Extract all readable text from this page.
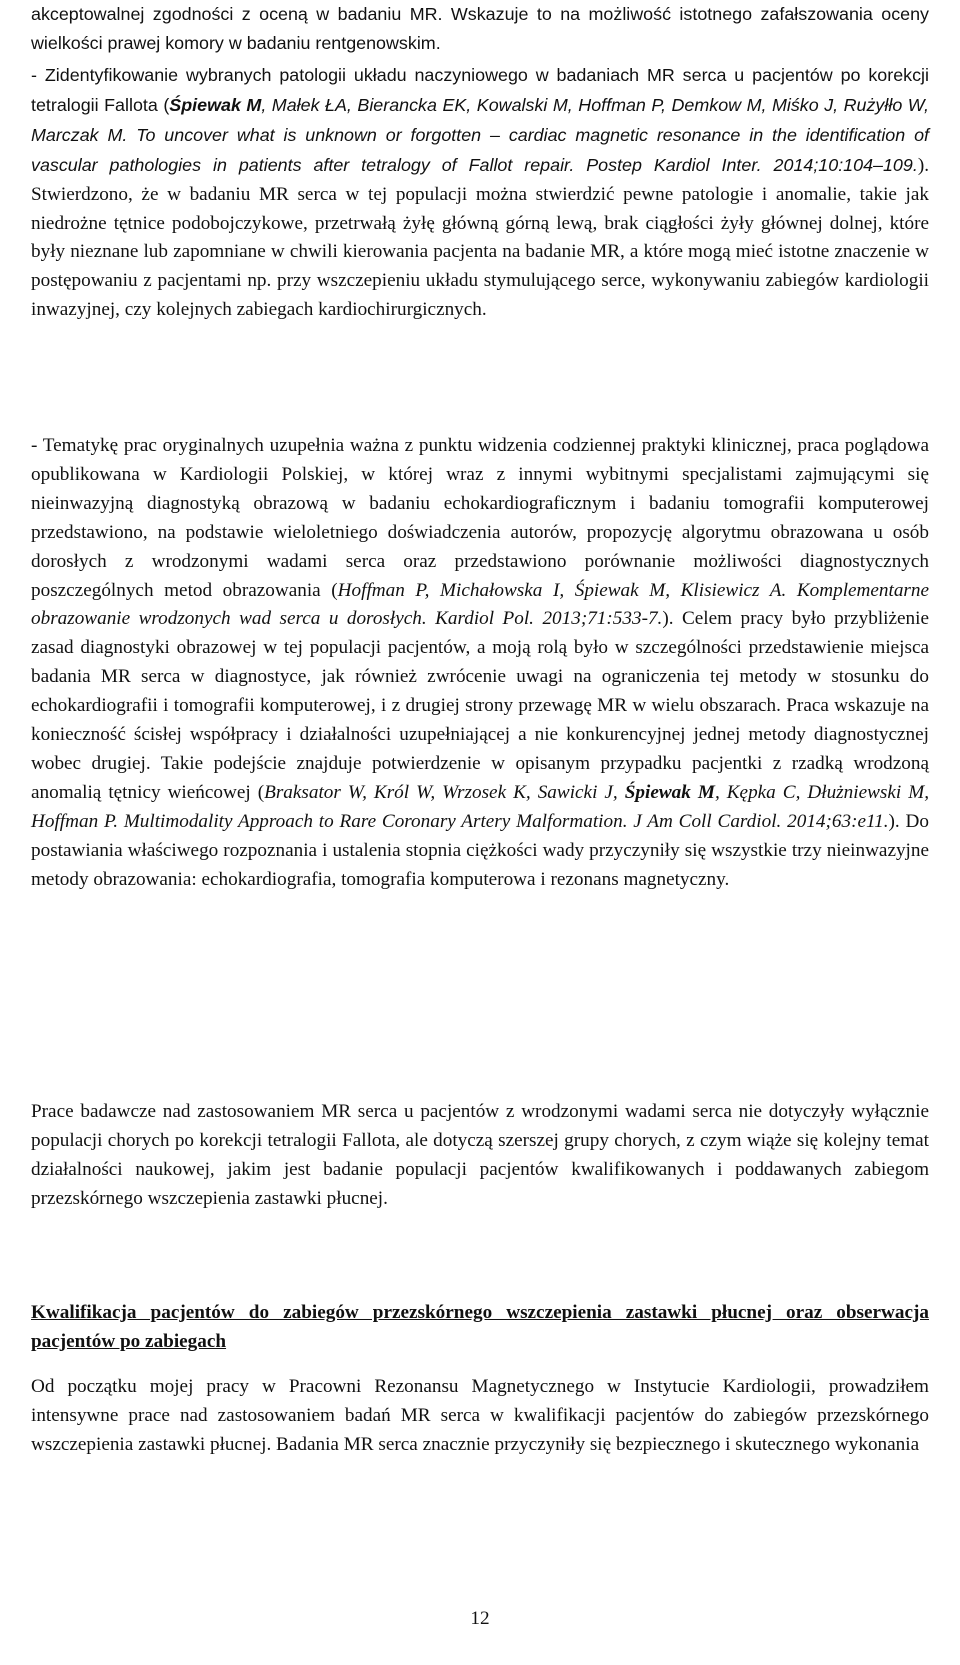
akceptowalnej zgodności z oceną w badaniu MR. Wskazuje to na możliwość istotnego zafałszowania oceny wielkości prawej komory w badaniu rentgenowskim.

- Zidentyfikowanie wybranych patologii układu naczyniowego w badaniach MR serca u pacjentów po korekcji tetralogii Fallota (Śpiewak M, Małek ŁA, Bierancka EK, Kowalski M, Hoffman P, Demkow M, Miśko J, Rużyłło W, Marczak M. To uncover what is unknown or forgotten – cardiac magnetic resonance in the identification of vascular pathologies in patients after tetralogy of Fallot repair. Postep Kardiol Inter. 2014;10:104–109.). Stwierdzono, że w badaniu MR serca w tej populacji można stwierdzić pewne patologie i anomalie, takie jak niedrożne tętnice podobojczykowe, przetrwałą żyłę główną górną lewą, brak ciągłości żyły głównej dolnej, które były nieznane lub zapomniane w chwili kierowania pacjenta na badanie MR, a które mogą mieć istotne znaczenie w postępowaniu z pacjentami np. przy wszczepieniu układu stymulującego serce, wykonywaniu zabiegów kardiologii inwazyjnej, czy kolejnych zabiegach kardiochirurgicznych.

- Tematykę prac oryginalnych uzupełnia ważna z punktu widzenia codziennej praktyki klinicznej, praca poglądowa opublikowana w Kardiologii Polskiej, w której wraz z innymi wybitnymi specjalistami zajmującymi się nieinwazyjną diagnostyką obrazową w badaniu echokardiograficznym i badaniu tomografii komputerowej przedstawiono, na podstawie wieloletniego doświadczenia autorów, propozycję algorytmu obrazowana u osób dorosłych z wrodzonymi wadami serca oraz przedstawiono porównanie możliwości diagnostycznych poszczególnych metod obrazowania (Hoffman P, Michałowska I, Śpiewak M, Klisiewicz A. Komplementarne obrazowanie wrodzonych wad serca u dorosłych. Kardiol Pol. 2013;71:533-7.). Celem pracy było przybliżenie zasad diagnostyki obrazowej w tej populacji pacjentów, a moją rolą było w szczególności przedstawienie miejsca badania MR serca w diagnostyce, jak również zwrócenie uwagi na ograniczenia tej metody w stosunku do echokardiografii i tomografii komputerowej, i z drugiej strony przewagę MR w wielu obszarach. Praca wskazuje na konieczność ścisłej współpracy i działalności uzupełniającej a nie konkurencyjnej jednej metody diagnostycznej wobec drugiej. Takie podejście znajduje potwierdzenie w opisanym przypadku pacjentki z rzadką wrodzoną anomalią tętnicy wieńcowej (Braksator W, Król W, Wrzosek K, Sawicki J, Śpiewak M, Kępka C, Dłużniewski M, Hoffman P. Multimodality Approach to Rare Coronary Artery Malformation. J Am Coll Cardiol. 2014;63:e11.). Do postawiania właściwego rozpoznania i ustalenia stopnia ciężkości wady przyczyniły się wszystkie trzy nieinwazyjne metody obrazowania: echokardiografia, tomografia komputerowa i rezonans magnetyczny.

Prace badawcze nad zastosowaniem MR serca u pacjentów z wrodzonymi wadami serca nie dotyczyły wyłącznie populacji chorych po korekcji tetralogii Fallota, ale dotyczą szerszej grupy chorych, z czym wiąże się kolejny temat działalności naukowej, jakim jest badanie populacji pacjentów kwalifikowanych i poddawanych zabiegom przezskórnego wszczepienia zastawki płucnej.

Kwalifikacja pacjentów do zabiegów przezskórnego wszczepienia zastawki płucnej oraz obserwacja pacjentów po zabiegach

Od początku mojej pracy w Pracowni Rezonansu Magnetycznego w Instytucie Kardiologii, prowadziłem intensywne prace nad zastosowaniem badań MR serca w kwalifikacji pacjentów do zabiegów przezskórnego wszczepienia zastawki płucnej. Badania MR serca znacznie przyczyniły się bezpiecznego i skutecznego wykonania

12
